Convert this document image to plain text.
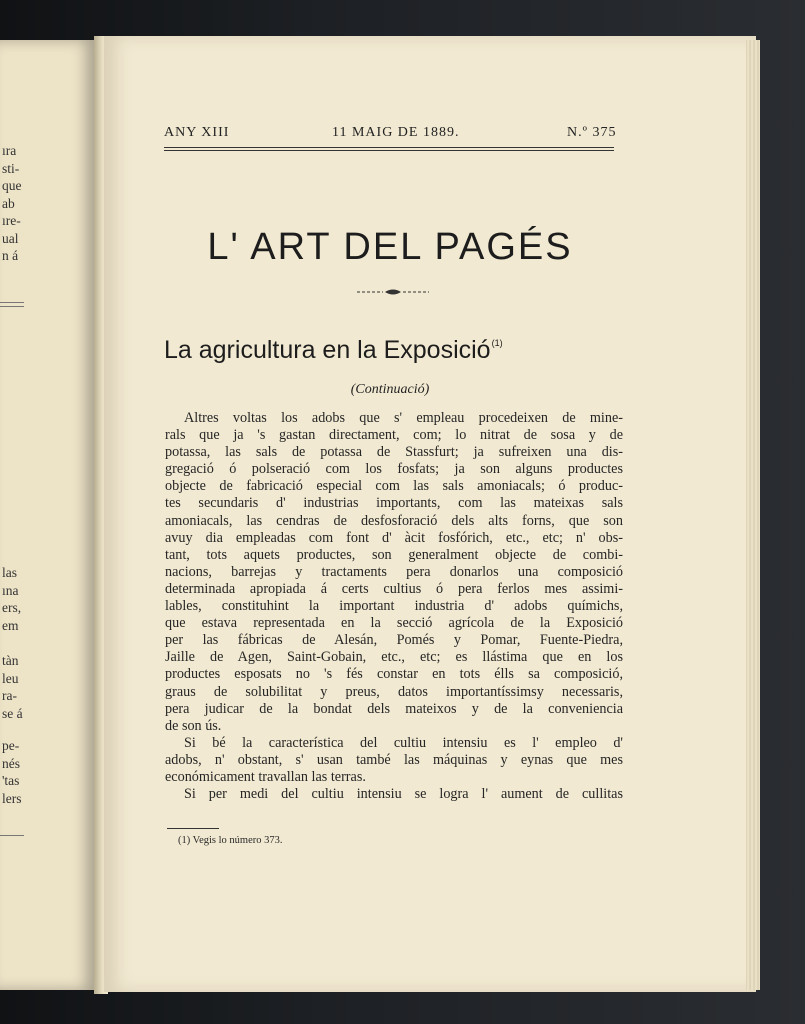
ıra
sti-
que
ab
ıre-
ual
n á
las
ına
ers,
em
tàn
leu
ra-
se á
pe-
nés
'tas
lers
ANY XIII	11 MAIG DE 1889.	N.º 375
L' ART DEL PAGÉS
La agricultura en la Exposició$^{(1)}$
(Continuació)
Altres voltas los adobs que s' empleau procedeixen de mine-
rals que ja 's gastan directament, com; lo nitrat de sosa y de
potassa, las sals de potassa de Stassfurt; ja sufreixen una dis-
gregació ó polseració com los fosfats; ja son alguns productes
objecte de fabricació especial com las sals amoniacals; ó produc-
tes secundaris d' industrias importants, com las mateixas sals
amoniacals, las cendras de desfosforació dels alts forns, que son
avuy dia empleadas com font d' àcit fosfórich, etc., etc; n' obs-
tant, tots aquets productes, son generalment objecte de combi-
nacions, barrejas y tractaments pera donarlos una composició
determinada apropiada á certs cultius ó pera ferlos mes assimi-
lables, constituhint la important industria d' adobs químichs,
que estava representada en la secció agrícola de la Exposició
per las fábricas de Alesán, Pomés y Pomar, Fuente-Piedra,
Jaille de Agen, Saint-Gobain, etc., etc; es llástima que en los
productes esposats no 's fés constar en tots élls sa composició,
graus de solubilitat y preus, datos importantíssimsy necessaris,
pera judicar de la bondat dels mateixos y de la conveniencia
de son ús.
Si bé la característica del cultiu intensiu es l' empleo d'
adobs, n' obstant, s' usan també las máquinas y eynas que mes
económicament travallan las terras.
Si per medi del cultiu intensiu se logra l' aument de cullitas
(1) Vegis lo número 373.
